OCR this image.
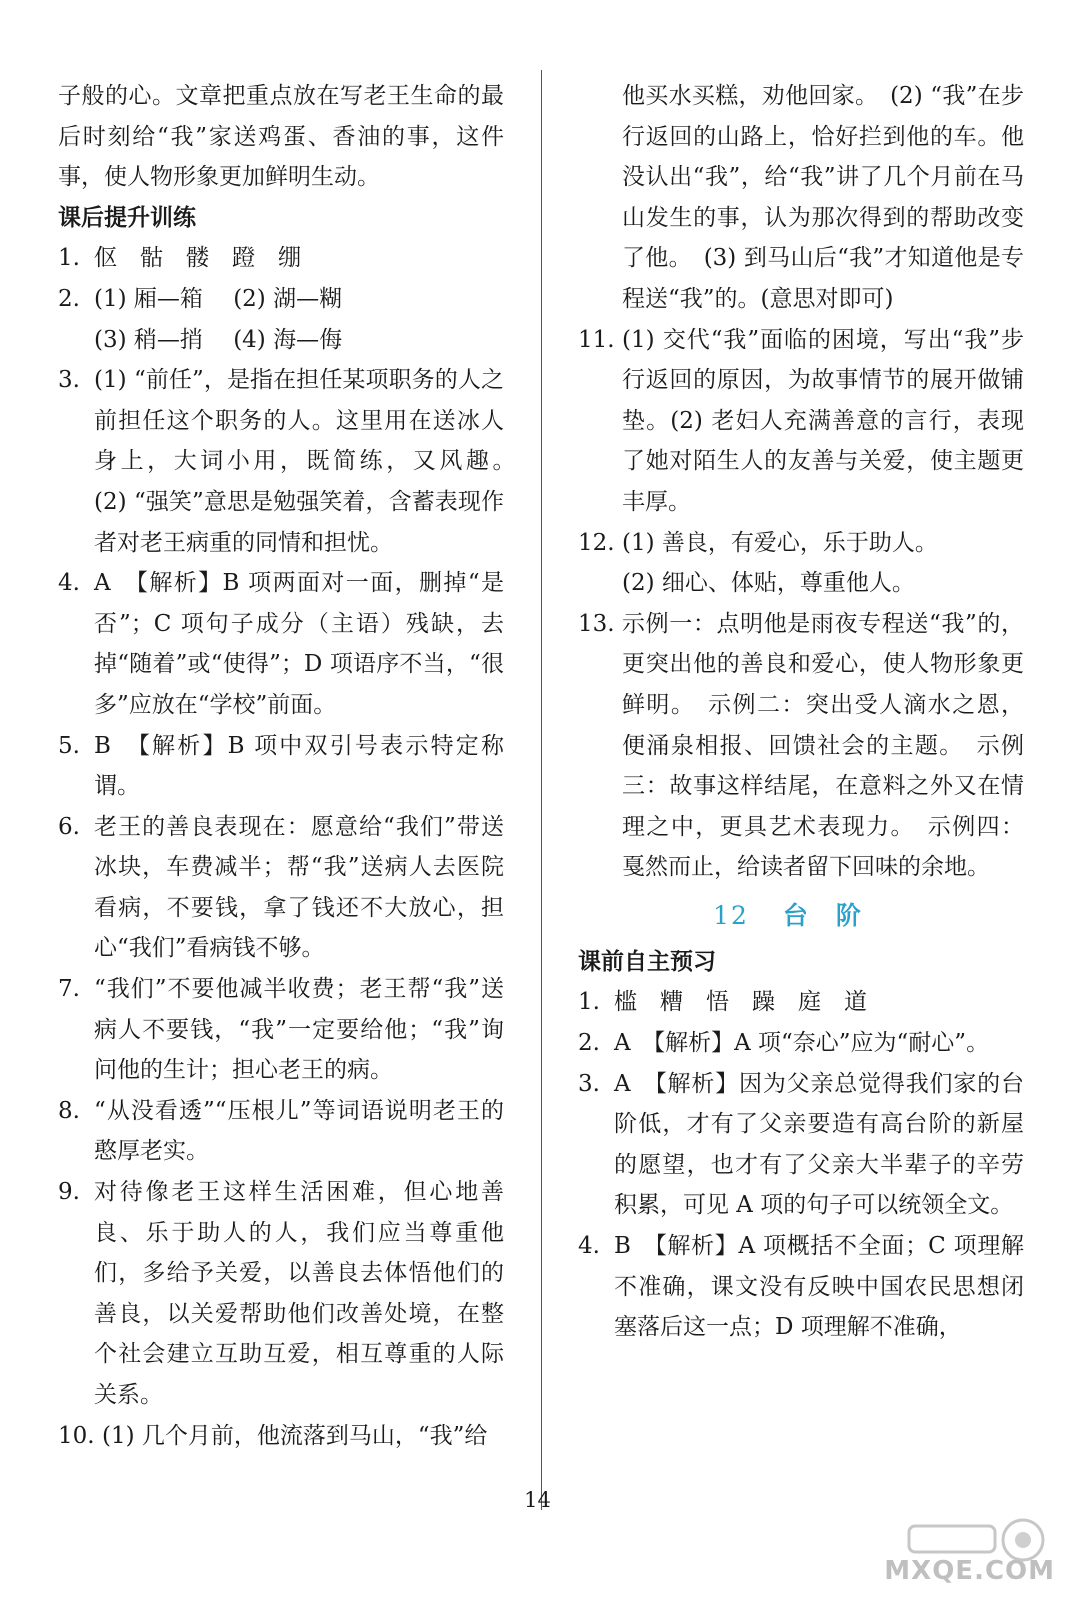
子般的心。文章把重点放在写老王生命的最后时刻给“我”家送鸡蛋、香油的事，这件事，使人物形象更加鲜明生动。

课后提升训练

1. 伛　骷　髅　蹬　绷
2. (1) 厢—箱　 (2) 湖—糊
(3) 稍—捎　 (4) 海—侮
3. (1) “前任”，是指在担任某项职务的人之前担任这个职务的人。这里用在送冰人身上，大词小用，既简练，又风趣。　(2) “强笑”意思是勉强笑着，含蓄表现作者对老王病重的同情和担忧。
4. A　【解析】B 项两面对一面，删掉“是否”；C 项句子成分（主语）残缺，去掉“随着”或“使得”；D 项语序不当，“很多”应放在“学校”前面。
5. B　【解析】B 项中双引号表示特定称谓。
6. 老王的善良表现在：愿意给“我们”带送冰块，车费减半；帮“我”送病人去医院看病，不要钱，拿了钱还不大放心，担心“我们”看病钱不够。
7. “我们”不要他减半收费；老王帮“我”送病人不要钱，“我”一定要给他；“我”询问他的生计；担心老王的病。
8. “从没看透”“压根儿”等词语说明老王的憨厚老实。
9. 对待像老王这样生活困难，但心地善良、乐于助人的人，我们应当尊重他们，多给予关爱，以善良去体悟他们的善良，以关爱帮助他们改善处境，在整个社会建立互助互爱，相互尊重的人际关系。
10. (1) 几个月前，他流落到马山，“我”给
他买水买糕，劝他回家。　(2) “我”在步行返回的山路上，恰好拦到他的车。他没认出“我”，给“我”讲了几个月前在马山发生的事，认为那次得到的帮助改变了他。　(3) 到马山后“我”才知道他是专程送“我”的。(意思对即可)
11. (1) 交代“我”面临的困境，写出“我”步行返回的原因，为故事情节的展开做铺垫。(2) 老妇人充满善意的言行，表现了她对陌生人的友善与关爱，使主题更丰厚。
12. (1) 善良，有爱心，乐于助人。
(2) 细心、体贴，尊重他人。
13. 示例一：点明他是雨夜专程送“我”的，更突出他的善良和爱心，使人物形象更鲜明。　示例二：突出受人滴水之恩，便涌泉相报、回馈社会的主题。　示例三：故事这样结尾，在意料之外又在情理之中，更具艺术表现力。　示例四：戛然而止，给读者留下回味的余地。
12 台阶

课前自主预习

1. 槛　糟　悟　躁　庭　道
2. A　【解析】A 项“奈心”应为“耐心”。
3. A　【解析】因为父亲总觉得我们家的台阶低，才有了父亲要造有高台阶的新屋的愿望，也才有了父亲大半辈子的辛劳积累，可见 A 项的句子可以统领全文。
4. B　【解析】A 项概括不全面；C 项理解不准确，课文没有反映中国农民思想闭塞落后这一点；D 项理解不准确，
14
MXQE.COM
